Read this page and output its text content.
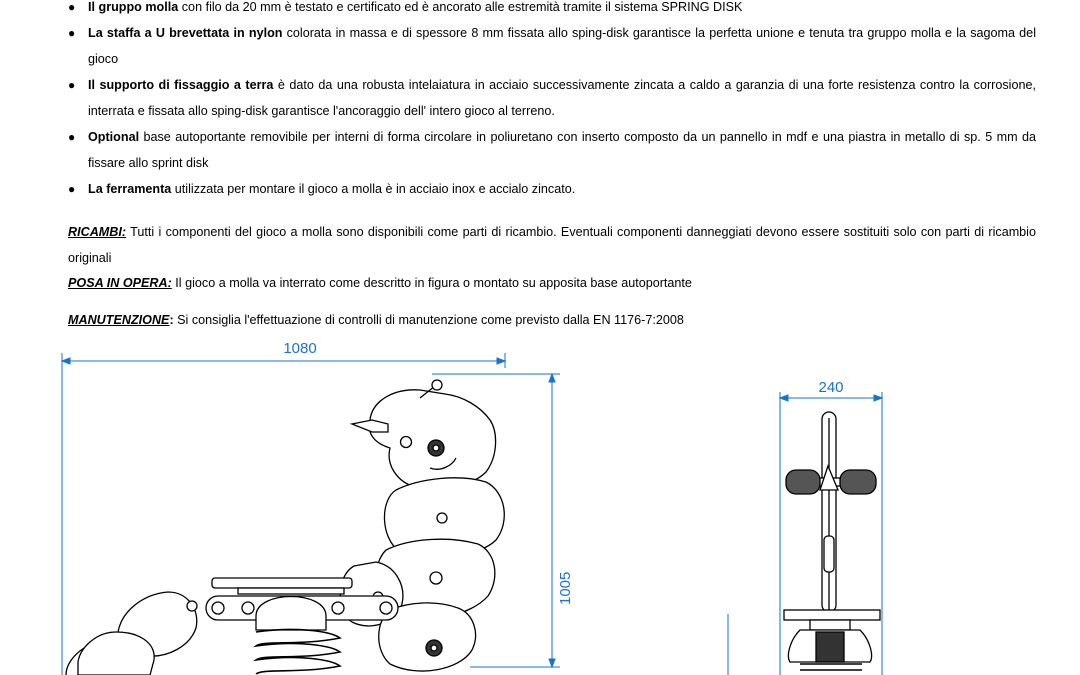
● Il gruppo molla con filo da 20 mm è testato e certificato ed è ancorato alle estremità tramite il sistema SPRING DISK
● La staffa a U brevettata in nylon colorata in massa e di spessore 8 mm fissata allo sping-disk garantisce la perfetta unione e tenuta tra gruppo molla e la sagoma del gioco
● Il supporto di fissaggio a terra è dato da una robusta intelaiatura in acciaio successivamente zincata a caldo a garanzia di una forte resistenza contro la corrosione, interrata e fissata allo sping-disk garantisce l'ancoraggio dell' intero gioco al terreno.
● Optional base autoportante removibile per interni di forma circolare in poliuretano con inserto composto da un pannello in mdf e una piastra in metallo di sp. 5 mm da fissare allo sprint disk
● La ferramenta utilizzata per montare il gioco a molla è in acciaio inox e accialo zincato.
RICAMBI: Tutti i componenti del gioco a molla sono disponibili come parti di ricambio. Eventuali componenti danneggiati devono essere sostituiti solo con parti di ricambio originali
POSA IN OPERA: Il gioco a molla va interrato come descritto in figura o montato su apposita base autoportante
MANUTENZIONE: Si consiglia l'effettuazione di controlli di manutenzione come previsto dalla EN 1176-7:2008
1080
1005
240
